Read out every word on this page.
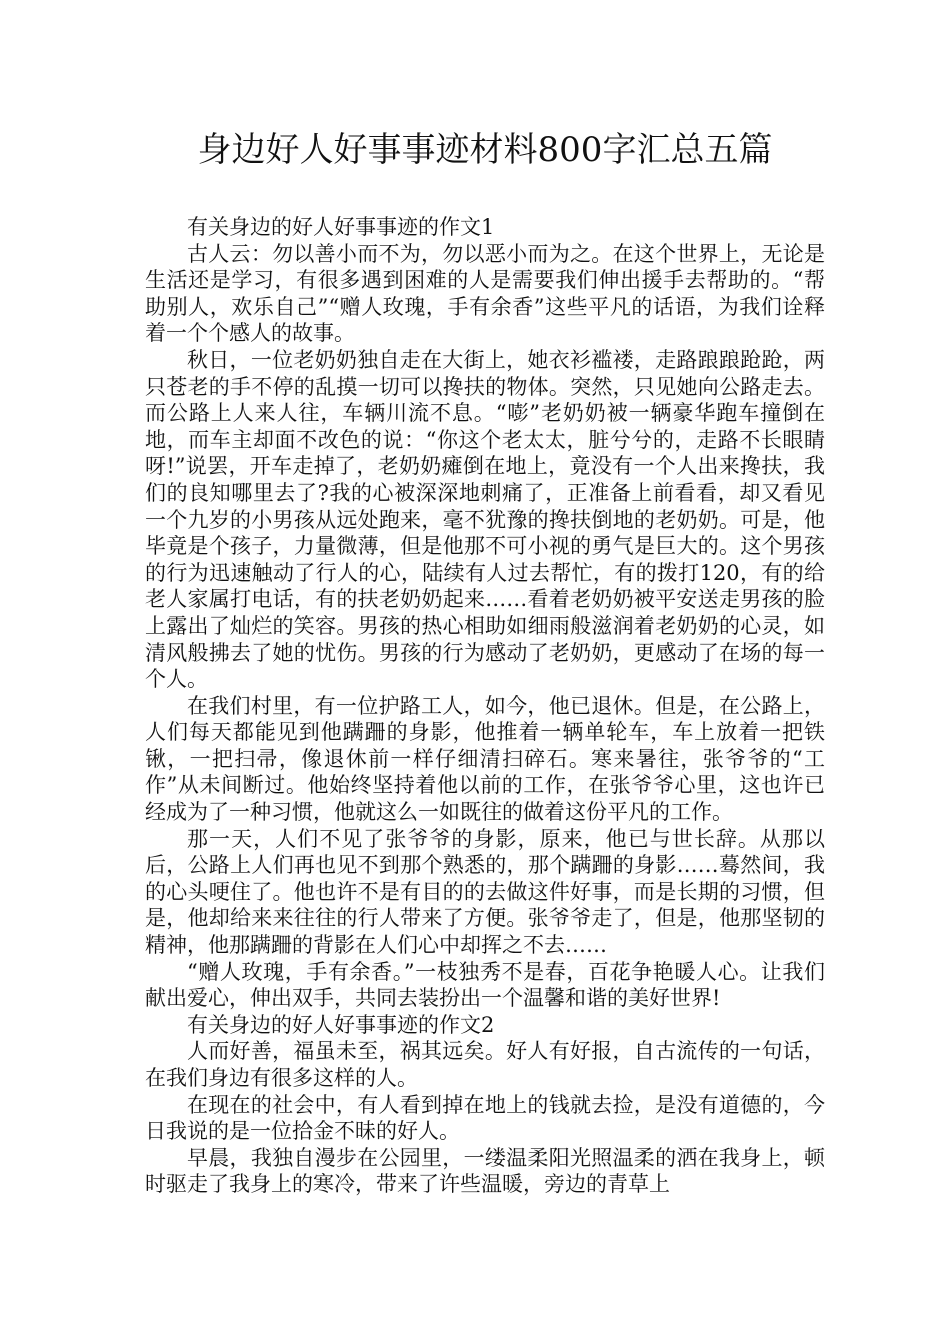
身边好人好事事迹材料800字汇总五篇

有关身边的好人好事事迹的作文1

古人云：勿以善小而不为，勿以恶小而为之。在这个世界上，无论是生活还是学习，有很多遇到困难的人是需要我们伸出援手去帮助的。“帮助别人，欢乐自己”“赠人玫瑰，手有余香”这些平凡的话语，为我们诠释着一个个感人的故事。

秋日，一位老奶奶独自走在大街上，她衣衫褴褛，走路踉踉跄跄，两只苍老的手不停的乱摸一切可以搀扶的物体。突然，只见她向公路走去。而公路上人来人往，车辆川流不息。“嘭”老奶奶被一辆豪华跑车撞倒在地，而车主却面不改色的说：“你这个老太太，脏兮兮的，走路不长眼睛呀!”说罢，开车走掉了，老奶奶瘫倒在地上，竟没有一个人出来搀扶，我们的良知哪里去了?我的心被深深地刺痛了，正准备上前看看，却又看见一个九岁的小男孩从远处跑来，毫不犹豫的搀扶倒地的老奶奶。可是，他毕竟是个孩子，力量微薄，但是他那不可小视的勇气是巨大的。这个男孩的行为迅速触动了行人的心，陆续有人过去帮忙，有的拨打120，有的给老人家属打电话，有的扶老奶奶起来……看着老奶奶被平安送走男孩的脸上露出了灿烂的笑容。男孩的热心相助如细雨般滋润着老奶奶的心灵，如清风般拂去了她的忧伤。男孩的行为感动了老奶奶，更感动了在场的每一个人。

在我们村里，有一位护路工人，如今，他已退休。但是，在公路上，人们每天都能见到他蹒跚的身影，他推着一辆单轮车，车上放着一把铁锹，一把扫帚，像退休前一样仔细清扫碎石。寒来暑往，张爷爷的“工作”从未间断过。他始终坚持着他以前的工作，在张爷爷心里，这也许已经成为了一种习惯，他就这么一如既往的做着这份平凡的工作。

那一天，人们不见了张爷爷的身影，原来，他已与世长辞。从那以后，公路上人们再也见不到那个熟悉的，那个蹒跚的身影……蓦然间，我的心头哽住了。他也许不是有目的的去做这件好事，而是长期的习惯，但是，他却给来来往往的行人带来了方便。张爷爷走了，但是，他那坚韧的精神，他那蹒跚的背影在人们心中却挥之不去……

“赠人玫瑰，手有余香。”一枝独秀不是春，百花争艳暖人心。让我们献出爱心，伸出双手，共同去装扮出一个温馨和谐的美好世界!

有关身边的好人好事事迹的作文2

人而好善，福虽未至，祸其远矣。好人有好报，自古流传的一句话，在我们身边有很多这样的人。

在现在的社会中，有人看到掉在地上的钱就去捡，是没有道德的，今日我说的是一位拾金不昧的好人。

早晨，我独自漫步在公园里，一缕温柔阳光照温柔的洒在我身上，顿时驱走了我身上的寒冷，带来了许些温暖，旁边的青草上
